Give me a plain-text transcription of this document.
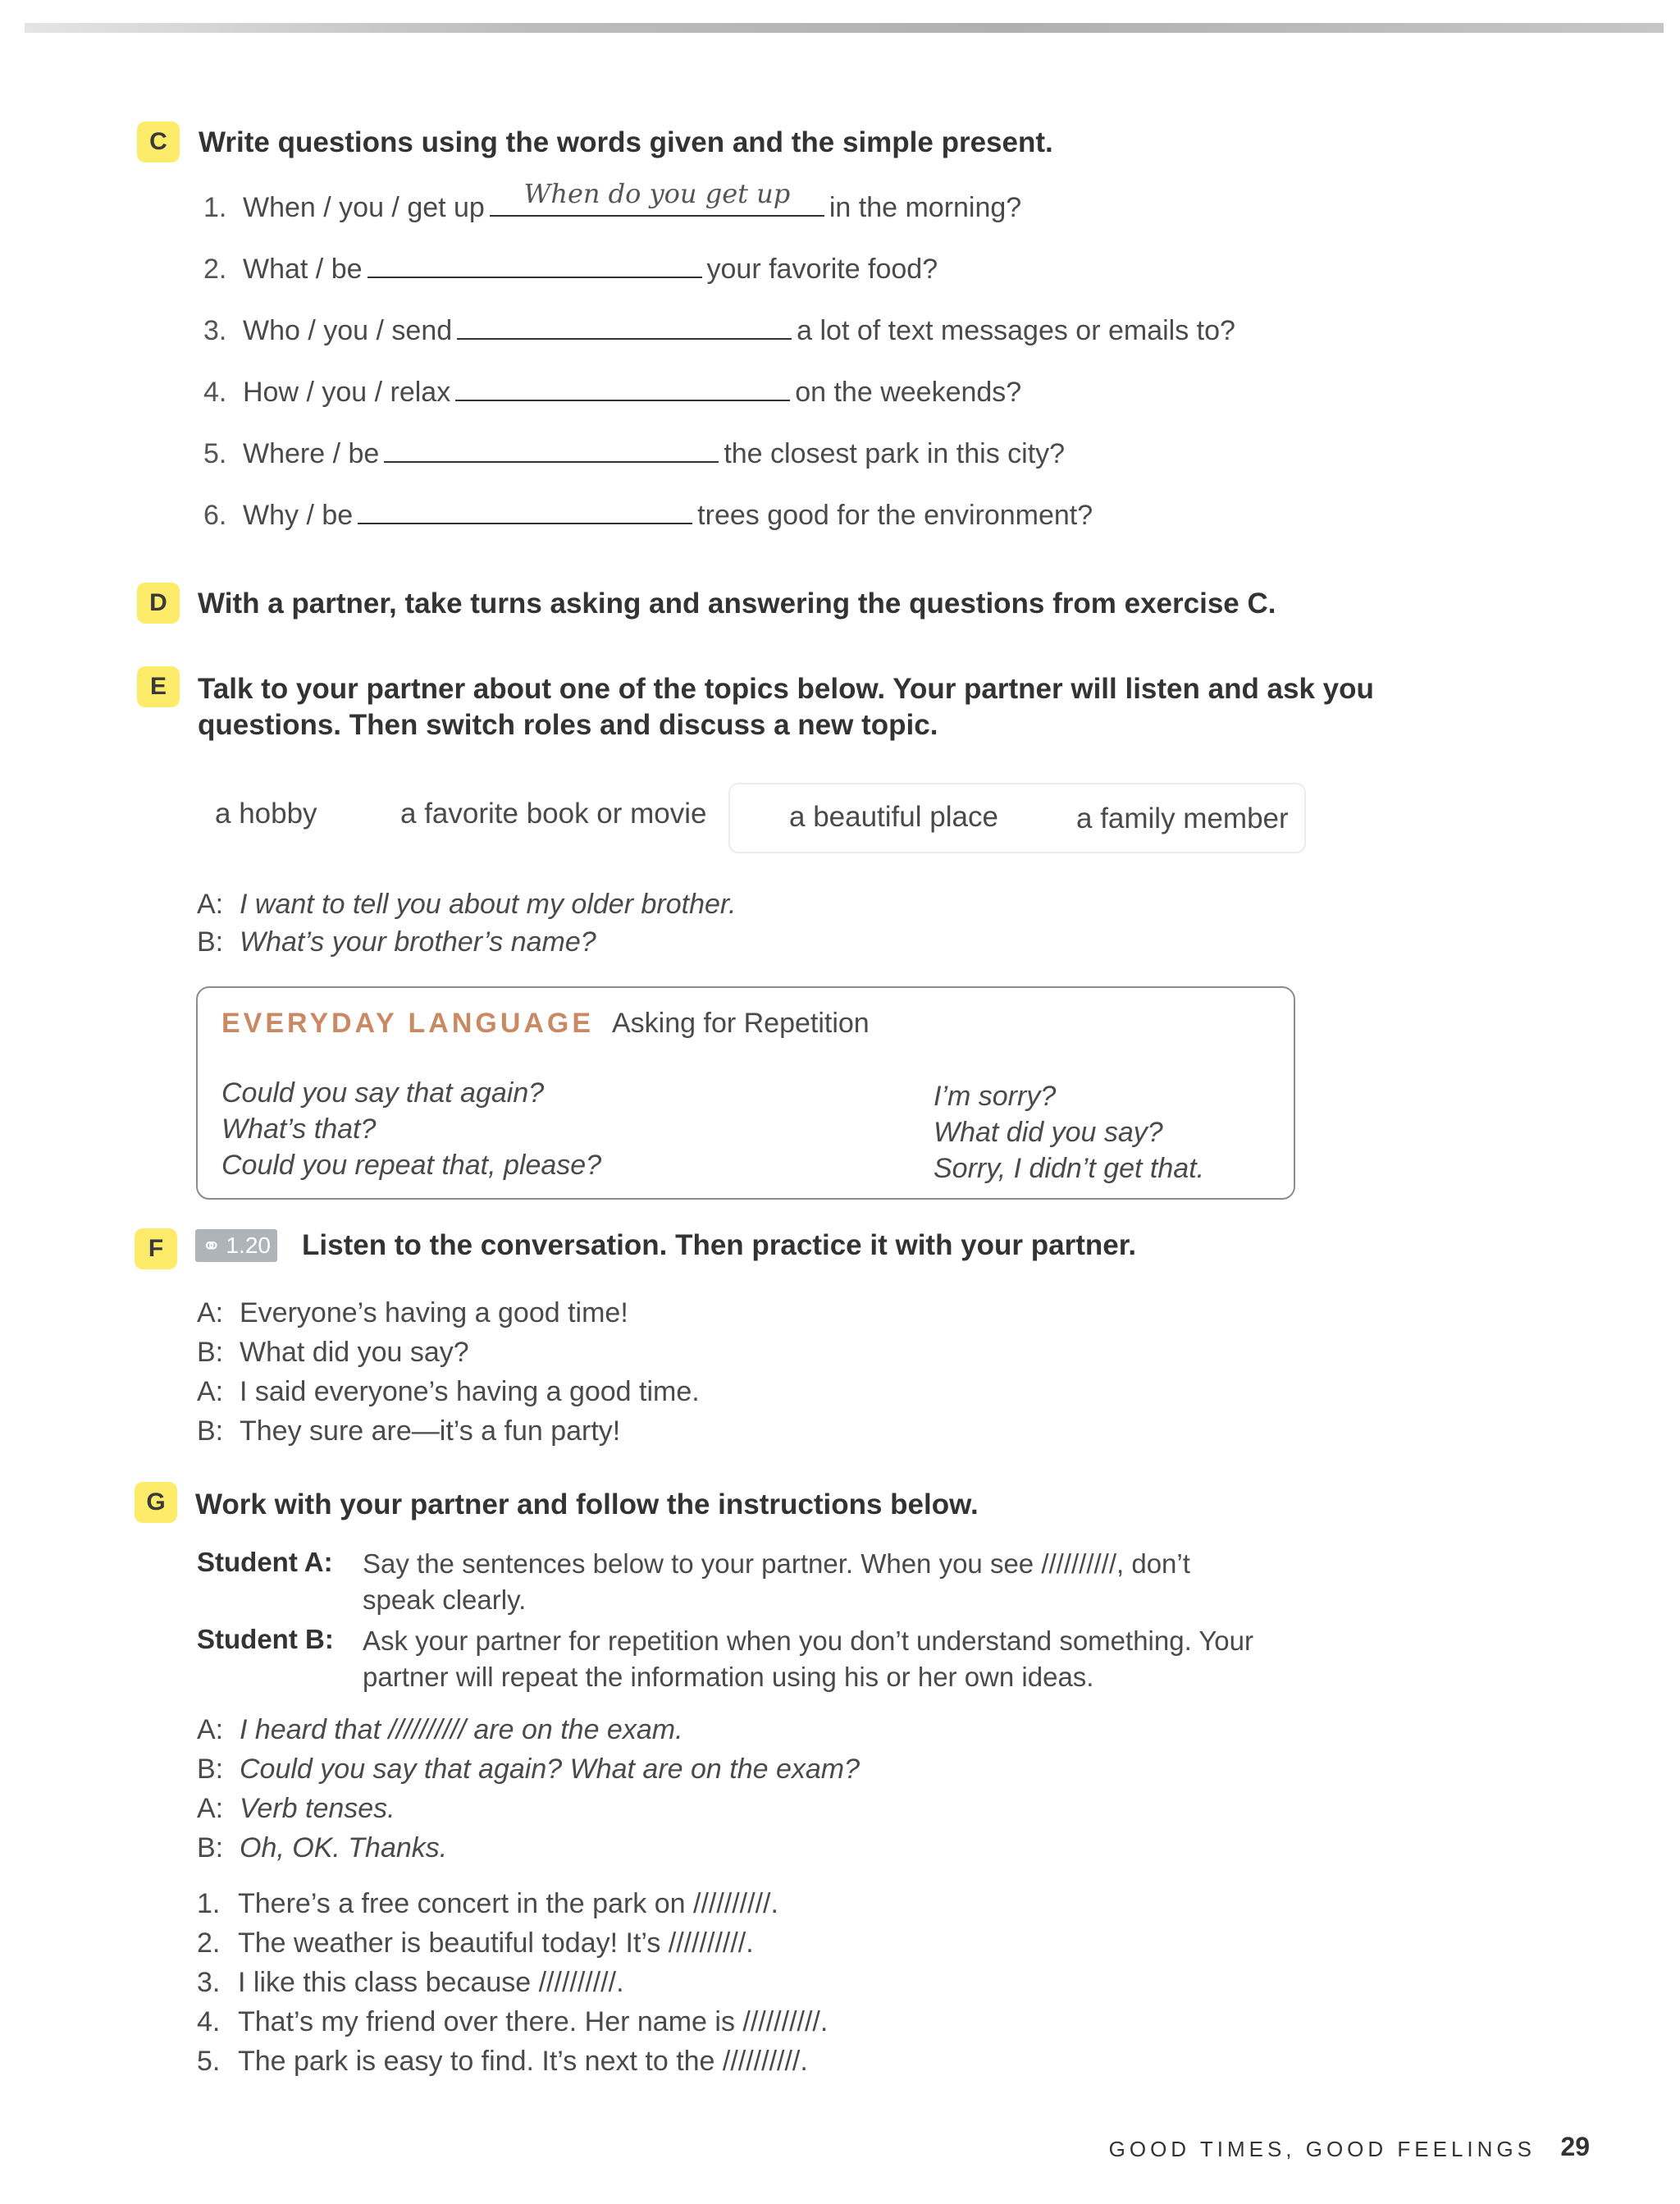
C	Write questions using the words given and the simple present.
1. When / you / get up When do you get up in the morning?
2. What / be	your favorite food?
3. Who / you / send	a lot of text messages or emails to?
4. How / you / relax	on the weekends?
5. Where / be	the closest park in this city?
6. Why / be	trees good for the environment?
D	With a partner, take turns asking and answering the questions from exercise C.
E	Talk to your partner about one of the topics below. Your partner will listen and ask you
questions. Then switch roles and discuss a new topic.
a hobby	a favorite book or movie	a beautiful place	a family member
A: I want to tell you about my older brother.
B: What’s your brother’s name?
EVERYDAY LANGUAGE Asking for Repetition
Could you say that again?
What’s that?
Could you repeat that, please?
I’m sorry?
What did you say?
Sorry, I didn’t get that.
F	⚭ 1.20 Listen to the conversation. Then practice it with your partner.
A: Everyone’s having a good time!
B: What did you say?
A: I said everyone’s having a good time.
B: They sure are—it’s a fun party!
G	Work with your partner and follow the instructions below.
Student A: Say the sentences below to your partner. When you see //////////, don’t
speak clearly.
Student B: Ask your partner for repetition when you don’t understand something. Your
partner will repeat the information using his or her own ideas.
A: I heard that ////////// are on the exam.
B: Could you say that again? What are on the exam?
A: Verb tenses.
B: Oh, OK. Thanks.
1. There’s a free concert in the park on //////////.
2. The weather is beautiful today! It’s //////////.
3. I like this class because //////////.
4. That’s my friend over there. Her name is //////////.
5. The park is easy to find. It’s next to the //////////.
GOOD TIMES, GOOD FEELINGS 29
